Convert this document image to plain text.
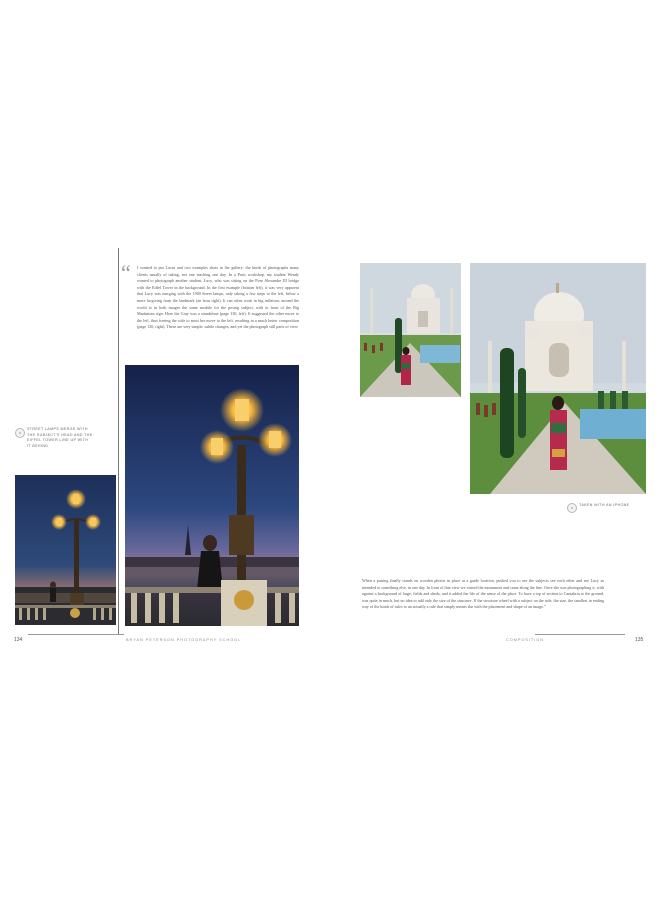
“ I wanted to put Lucas and two examples shots in the gallery: the kinds of photographs many clients usually of taking, not one teaching one day. In a Paris workshop, my student Wendy wanted to photograph another student, Lucy, who was sitting on the Pont Alexandre III bridge with the Eiffel Tower in the background. In the first example (bottom left), it was very apparent that Lucy was merging with the 1900 Street lamps, only taking a few steps to the left, below a more forgiving from the landmark (an hour right). It can often work in big inflation; around the world to in both images the same module for the posing subject, with in front of the Big Manhattan sign. Here the Gray was a standalone (page 130, left). It suggested the other move to the left, thus freeing the wife to most her move to the left, resulting in a much better composition (page 130, right). These are very simple, subtle changes, and yet the photograph still parts of view.
STREET LAMPS MERGE WITH THE SUBJECT'S HEAD AND THE EIFFEL TOWER LINE UP WITH IT BEHIND
134	BRYAN PETERSON PHOTOGRAPHY SCHOOL
TAKEN WITH AN IPHONE
When a pairing finally stands on wooden photos in place at a guide location, pushed you to see the subjects see each other and see Lucy as intended to something else, in one day. In front of that view we visited the monument and came along the line. Once she was photographing it, with against a background of large, fields and sheds; and it added the life of the sense of the place. To have a top of section to Cantabria to the ground, was quite in much, but no idea to add only the size of the structure. If the structure wheel with a subject on the side, the size, the smallest in ending way of the kinds of rules to an actually a rule that simply means she with the placement and shape of an image.”
COMPOSITION	135
